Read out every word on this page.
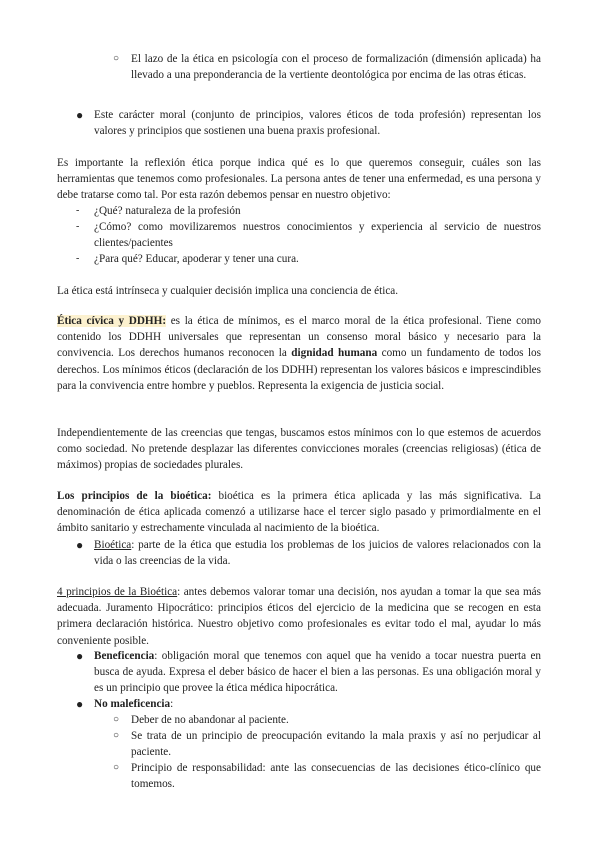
○ El lazo de la ética en psicología con el proceso de formalización (dimensión aplicada) ha llevado a una preponderancia de la vertiente deontológica por encima de las otras éticas.

● Este carácter moral (conjunto de principios, valores éticos de toda profesión) representan los valores y principios que sostienen una buena praxis profesional.

Es importante la reflexión ética porque indica qué es lo que queremos conseguir, cuáles son las herramientas que tenemos como profesionales. La persona antes de tener una enfermedad, es una persona y debe tratarse como tal. Por esta razón debemos pensar en nuestro objetivo:

- ¿Qué? naturaleza de la profesión

- ¿Cómo? como movilizaremos nuestros conocimientos y experiencia al servicio de nuestros clientes/pacientes

- ¿Para qué? Educar, apoderar y tener una cura.

La ética está intrínseca y cualquier decisión implica una conciencia de ética.

Ética cívica y DDHH: es la ética de mínimos, es el marco moral de la ética profesional. Tiene como contenido los DDHH universales que representan un consenso moral básico y necesario para la convivencia. Los derechos humanos reconocen la dignidad humana como un fundamento de todos los derechos. Los mínimos éticos (declaración de los DDHH) representan los valores básicos e imprescindibles para la convivencia entre hombre y pueblos. Representa la exigencia de justicia social.

Independientemente de las creencias que tengas, buscamos estos mínimos con lo que estemos de acuerdos como sociedad. No pretende desplazar las diferentes convicciones morales (creencias religiosas) (ética de máximos) propias de sociedades plurales.

Los principios de la bioética: bioética es la primera ética aplicada y las más significativa. La denominación de ética aplicada comenzó a utilizarse hace el tercer siglo pasado y primordialmente en el ámbito sanitario y estrechamente vinculada al nacimiento de la bioética.

● Bioética: parte de la ética que estudia los problemas de los juicios de valores relacionados con la vida o las creencias de la vida.

4 principios de la Bioética: antes debemos valorar tomar una decisión, nos ayudan a tomar la que sea más adecuada. Juramento Hipocrático: principios éticos del ejercicio de la medicina que se recogen en esta primera declaración histórica. Nuestro objetivo como profesionales es evitar todo el mal, ayudar lo más conveniente posible.

● Beneficencia: obligación moral que tenemos con aquel que ha venido a tocar nuestra puerta en busca de ayuda. Expresa el deber básico de hacer el bien a las personas. Es una obligación moral y es un principio que provee la ética médica hipocrática.

● No maleficencia:

○ Deber de no abandonar al paciente.

○ Se trata de un principio de preocupación evitando la mala praxis y así no perjudicar al paciente.

○ Principio de responsabilidad: ante las consecuencias de las decisiones ético-clínico que tomemos.
